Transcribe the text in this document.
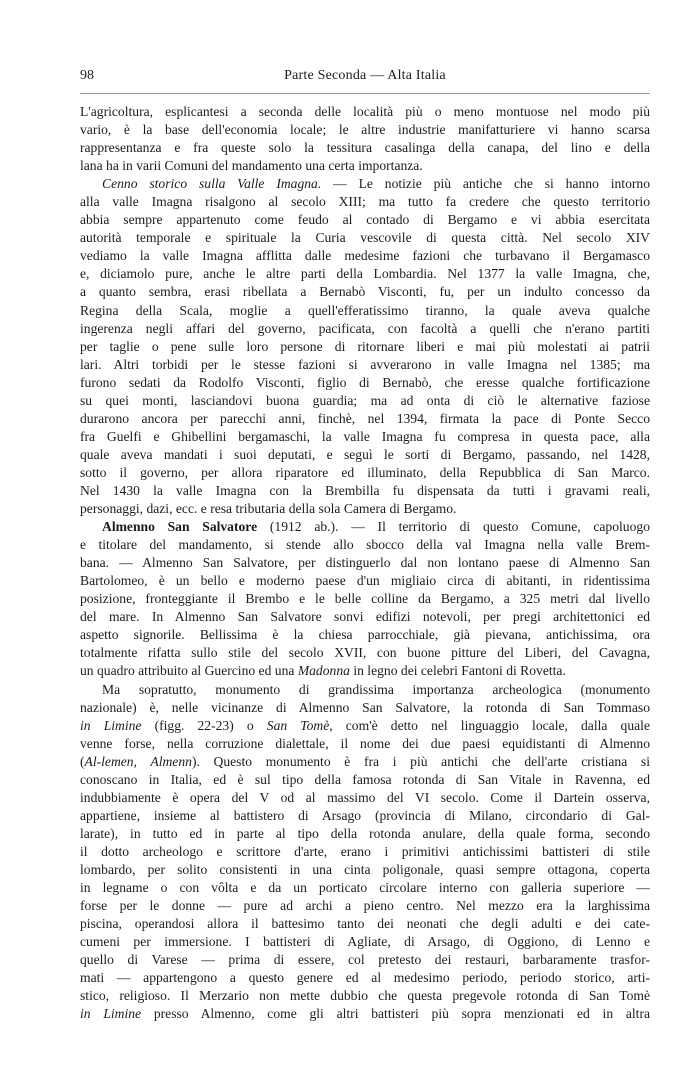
98	Parte Seconda — Alta Italia
L'agricoltura, esplicantesi a seconda delle località più o meno montuose nel modo più
vario, è la base dell'economia locale; le altre industrie manifatturiere vi hanno scarsa
rappresentanza e fra queste solo la tessitura casalinga della canapa, del lino e della
lana ha in varii Comuni del mandamento una certa importanza.
Cenno storico sulla Valle Imagna. — Le notizie più antiche che si hanno intorno
alla valle Imagna risalgono al secolo XIII; ma tutto fa credere che questo territorio
abbia sempre appartenuto come feudo al contado di Bergamo e vi abbia esercitata
autorità temporale e spirituale la Curia vescovile di questa città. Nel secolo XIV
vediamo la valle Imagna afflitta dalle medesime fazioni che turbavano il Bergamasco
e, diciamolo pure, anche le altre parti della Lombardia. Nel 1377 la valle Imagna, che,
a quanto sembra, erasi ribellata a Bernabò Visconti, fu, per un indulto concesso da
Regina della Scala, moglie a quell'efferatissimo tiranno, la quale aveva qualche
ingerenza negli affari del governo, pacificata, con facoltà a quelli che n'erano partiti
per taglie o pene sulle loro persone di ritornare liberi e mai più molestati ai patrii
lari. Altri torbidi per le stesse fazioni si avverarono in valle Imagna nel 1385; ma
furono sedati da Rodolfo Visconti, figlio di Bernabò, che eresse qualche fortificazione
su quei monti, lasciandovi buona guardia; ma ad onta di ciò le alternative faziose
durarono ancora per parecchi anni, finchè, nel 1394, firmata la pace di Ponte Secco
fra Guelfi e Ghibellini bergamaschi, la valle Imagna fu compresa in questa pace, alla
quale aveva mandati i suoi deputati, e seguì le sorti di Bergamo, passando, nel 1428,
sotto il governo, per allora riparatore ed illuminato, della Repubblica di San Marco.
Nel 1430 la valle Imagna con la Brembilla fu dispensata da tutti i gravami reali,
personaggi, dazi, ecc. e resa tributaria della sola Camera di Bergamo.
Almenno San Salvatore (1912 ab.). — Il territorio di questo Comune, capoluogo
e titolare del mandamento, si stende allo sbocco della val Imagna nella valle Brem-
bana. — Almenno San Salvatore, per distinguerlo dal non lontano paese di Almenno San
Bartolomeo, è un bello e moderno paese d'un migliaio circa di abitanti, in ridentissima
posizione, fronteggiante il Brembo e le belle colline da Bergamo, a 325 metri dal livello
del mare. In Almenno San Salvatore sonvi edifizi notevoli, per pregi architettonici ed
aspetto signorile. Bellissima è la chiesa parrocchiale, già pievana, antichissima, ora
totalmente rifatta sullo stile del secolo XVII, con buone pitture del Liberi, del Cavagna,
un quadro attribuito al Guercino ed una Madonna in legno dei celebri Fantoni di Rovetta.
Ma sopratutto, monumento di grandissima importanza archeologica (monumento
nazionale) è, nelle vicinanze di Almenno San Salvatore, la rotonda di San Tommaso
in Limine (figg. 22-23) o San Tomè, com'è detto nel linguaggio locale, dalla quale
venne forse, nella corruzione dialettale, il nome dei due paesi equidistanti di Almenno
(Al-lemen, Almenn). Questo monumento è fra i più antichi che dell'arte cristiana si
conoscano in Italia, ed è sul tipo della famosa rotonda di San Vitale in Ravenna, ed
indubbiamente è opera del V od al massimo del VI secolo. Come il Dartein osserva,
appartiene, insieme al battistero di Arsago (provincia di Milano, circondario di Gal-
larate), in tutto ed in parte al tipo della rotonda anulare, della quale forma, secondo
il dotto archeologo e scrittore d'arte, erano i primitivi antichissimi battisteri di stile
lombardo, per solito consistenti in una cinta poligonale, quasi sempre ottagona, coperta
in legname o con vôlta e da un porticato circolare interno con galleria superiore —
forse per le donne — pure ad archi a pieno centro. Nel mezzo era la larghissima
piscina, operandosi allora il battesimo tanto dei neonati che degli adulti e dei cate-
cumeni per immersione. I battisteri di Agliate, di Arsago, di Oggiono, di Lenno e
quello di Varese — prima di essere, col pretesto dei restauri, barbaramente trasfor-
mati — appartengono a questo genere ed al medesimo periodo, periodo storico, arti-
stico, religioso. Il Merzario non mette dubbio che questa pregevole rotonda di San Tomè
in Limine presso Almenno, come gli altri battisteri più sopra menzionati ed in altra
